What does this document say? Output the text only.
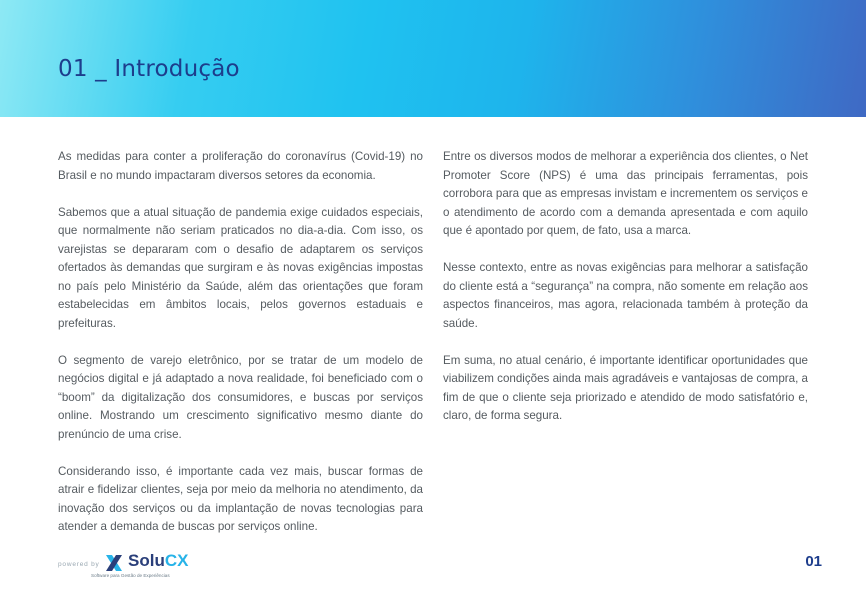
01 _ Introdução

As medidas para conter a proliferação do coronavírus (Covid-19) no Brasil e no mundo impactaram diversos setores da economia.

Sabemos que a atual situação de pandemia exige cuidados especiais, que normalmente não seriam praticados no dia-a-dia. Com isso, os varejistas se depararam com o desafio de adaptarem os serviços ofertados às demandas que surgiram e às novas exigências impostas no país pelo Ministério da Saúde, além das orientações que foram estabelecidas em âmbitos locais, pelos governos estaduais e prefeituras.

O segmento de varejo eletrônico, por se tratar de um modelo de negócios digital e já adaptado a nova realidade, foi beneficiado com o “boom” da digitalização dos consumidores, e buscas por serviços online. Mostrando um crescimento significativo mesmo diante do prenúncio de uma crise.

Considerando isso, é importante cada vez mais, buscar formas de atrair e fidelizar clientes, seja por meio da melhoria no atendimento, da inovação dos serviços ou da implantação de novas tecnologias para atender a demanda de buscas por serviços online.

Entre os diversos modos de melhorar a experiência dos clientes, o Net Promoter Score (NPS) é uma das principais ferramentas, pois corrobora para que as empresas invistam e incrementem os serviços e o atendimento de acordo com a demanda apresentada e com aquilo que é apontado por quem, de fato, usa a marca.

Nesse contexto, entre as novas exigências para melhorar a satisfação do cliente está a “segurança” na compra, não somente em relação aos aspectos financeiros, mas agora, relacionada também à proteção da saúde.

Em suma, no atual cenário, é importante identificar oportunidades que viabilizem condições ainda mais agradáveis e vantajosas de compra, a fim de que o cliente seja priorizado e atendido de modo satisfatório e, claro, de forma segura.

powered by SoluCX
Software para Gestão de Experiências
01
